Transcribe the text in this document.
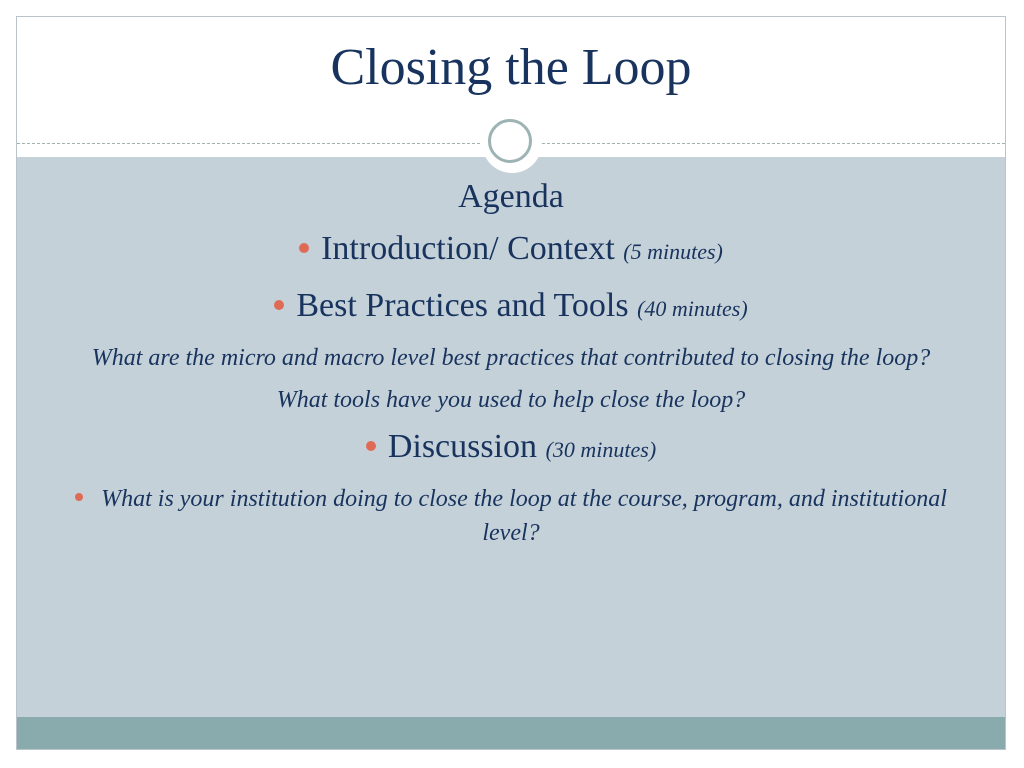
Closing the Loop
Agenda
Introduction/ Context (5 minutes)
Best Practices and Tools (40 minutes)
What are the micro and macro level best practices that contributed to closing the loop?
What tools have you used to help close the loop?
Discussion (30 minutes)
What is your institution doing to close the loop at the course, program, and institutional level?
